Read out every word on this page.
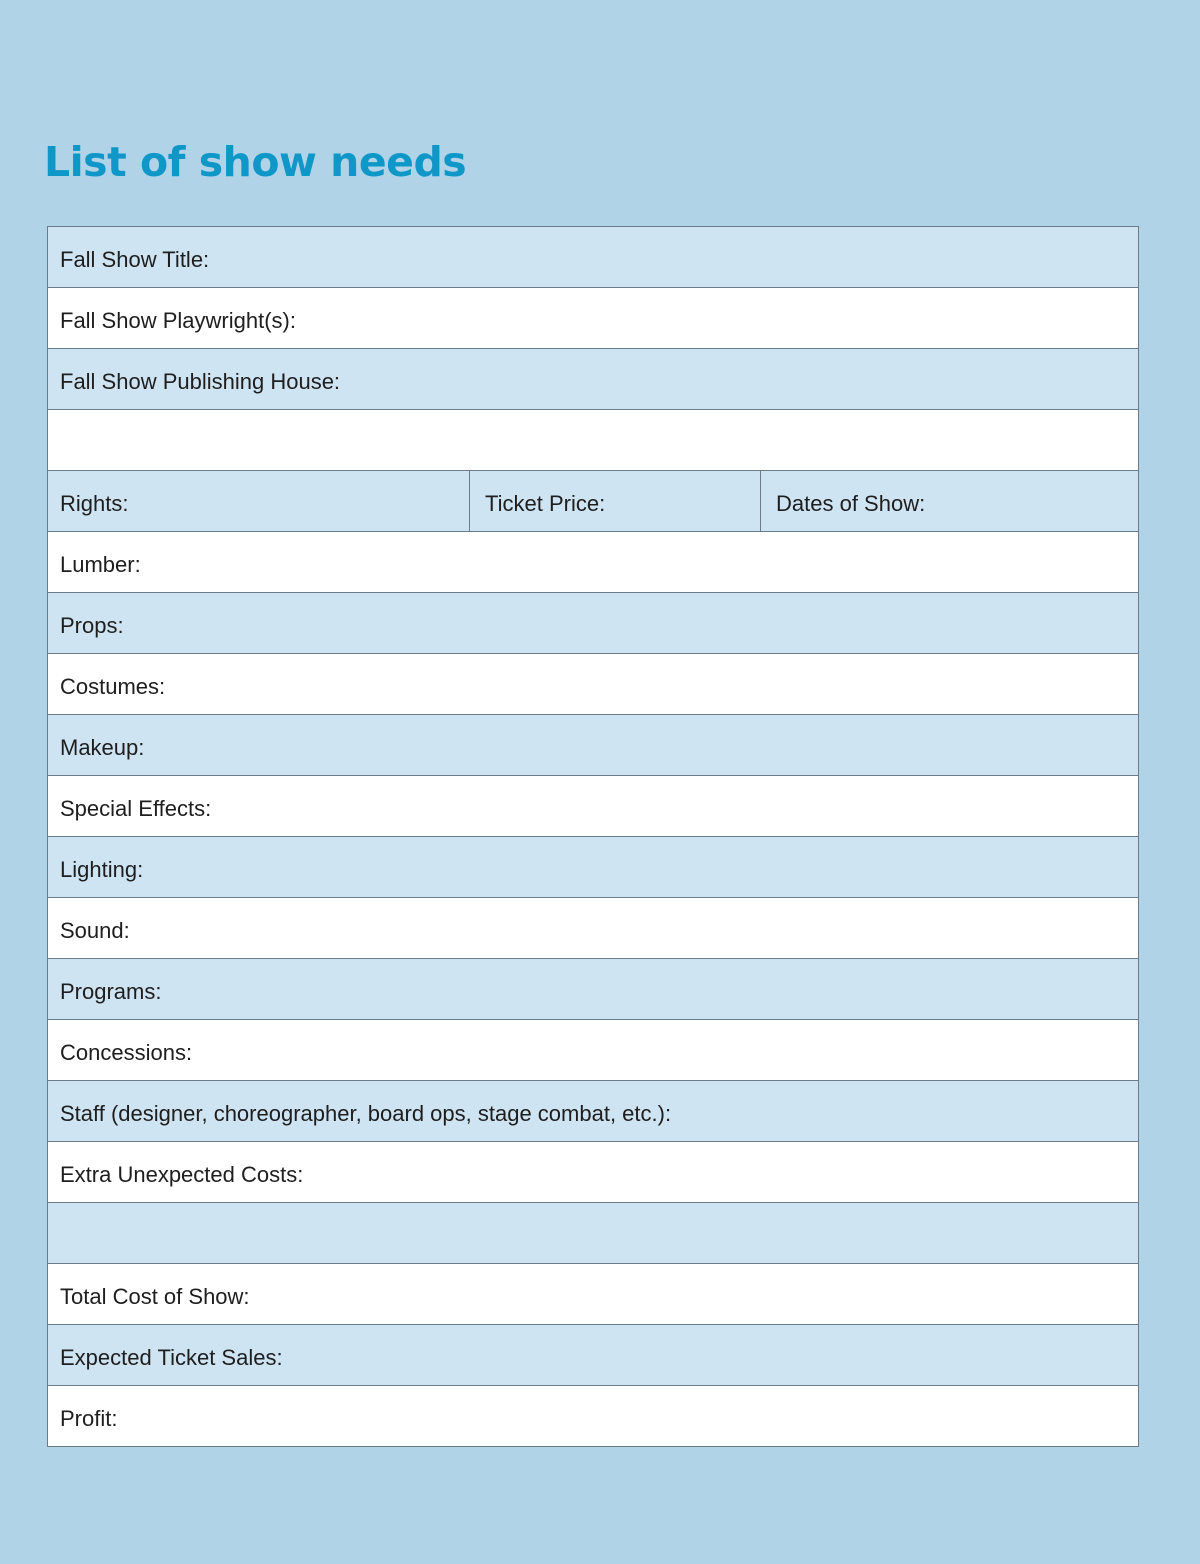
List of show needs
Fall Show Title:
Fall Show Playwright(s):
Fall Show Publishing House:
Rights:	Ticket Price:	Dates of Show:
Lumber:
Props:
Costumes:
Makeup:
Special Effects:
Lighting:
Sound:
Programs:
Concessions:
Staff (designer, choreographer, board ops, stage combat, etc.):
Extra Unexpected Costs:
Total Cost of Show:
Expected Ticket Sales:
Profit:
